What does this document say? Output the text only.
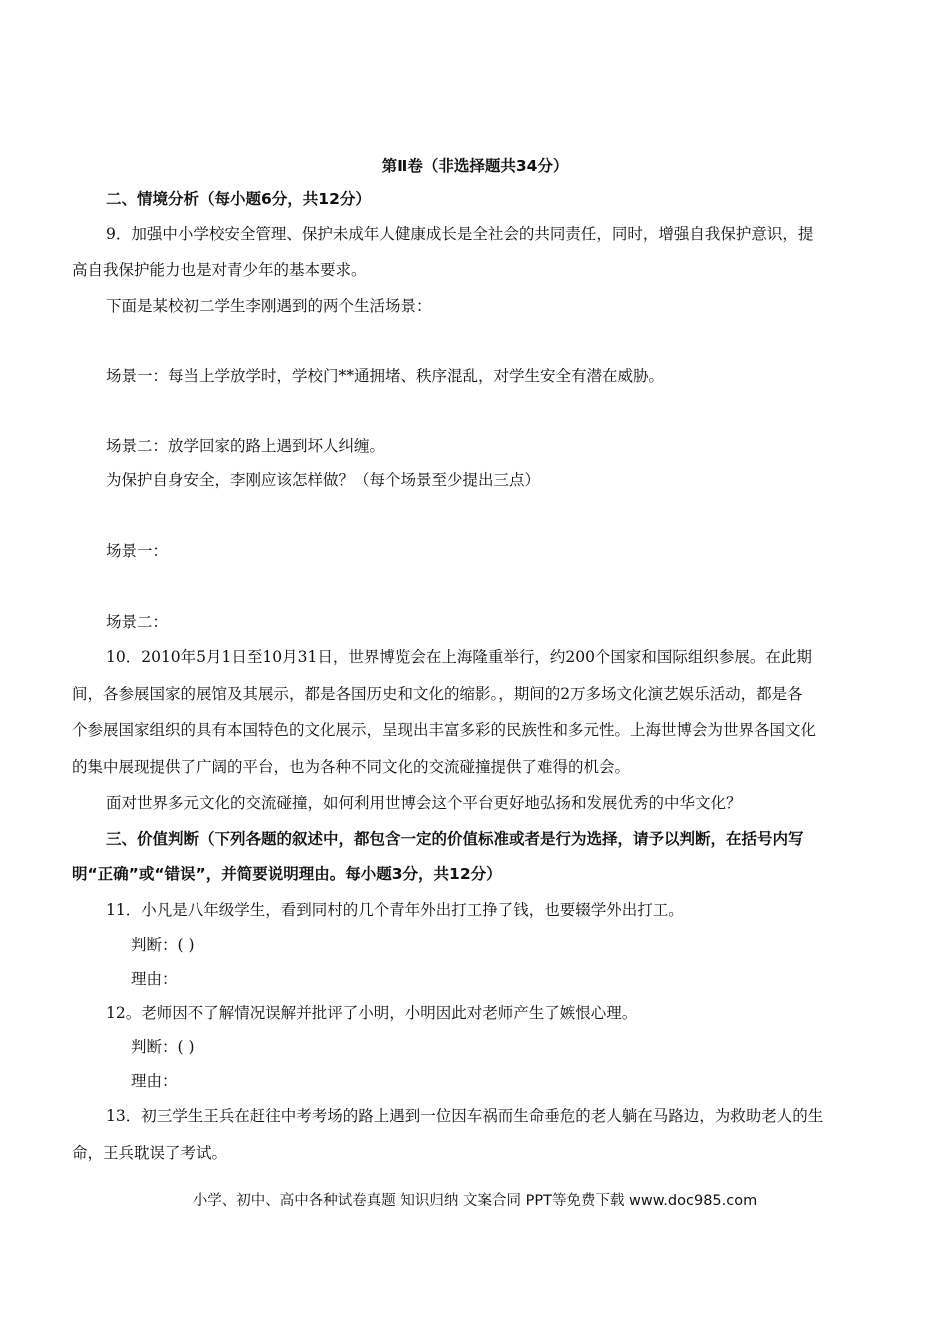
第Ⅱ卷（非选择题共34分）
二、情境分析（每小题6分，共12分）
9．加强中小学校安全管理、保护未成年人健康成长是全社会的共同责任，同时，增强自我保护意识，提
高自我保护能力也是对青少年的基本要求。
下面是某校初二学生李刚遇到的两个生活场景：
场景一：每当上学放学时，学校门**通拥堵、秩序混乱，对学生安全有潜在威胁。
场景二：放学回家的路上遇到坏人纠缠。
为保护自身安全，李刚应该怎样做？（每个场景至少提出三点）
场景一：
场景二：
10．2010年5月1日至10月31日，世界博览会在上海隆重举行，约200个国家和国际组织参展。在此期
间，各参展国家的展馆及其展示，都是各国历史和文化的缩影。，期间的2万多场文化演艺娱乐活动，都是各
个参展国家组织的具有本国特色的文化展示，呈现出丰富多彩的民族性和多元性。上海世博会为世界各国文化
的集中展现提供了广阔的平台，也为各种不同文化的交流碰撞提供了难得的机会。
面对世界多元文化的交流碰撞，如何利用世博会这个平台更好地弘扬和发展优秀的中华文化？
三、价值判断（下列各题的叙述中，都包含一定的价值标准或者是行为选择，请予以判断，在括号内写
明“正确”或“错误”，并简要说明理由。每小题3分，共12分）
11．小凡是八年级学生，看到同村的几个青年外出打工挣了钱，也要辍学外出打工。
判断：( )
理由：
12。老师因不了解情况误解并批评了小明，小明因此对老师产生了嫉恨心理。
判断：( )
理由：
13．初三学生王兵在赶往中考考场的路上遇到一位因车祸而生命垂危的老人躺在马路边，为救助老人的生
命，王兵耽误了考试。
小学、初中、高中各种试卷真题 知识归纳 文案合同 PPT等免费下载 www.doc985.com
